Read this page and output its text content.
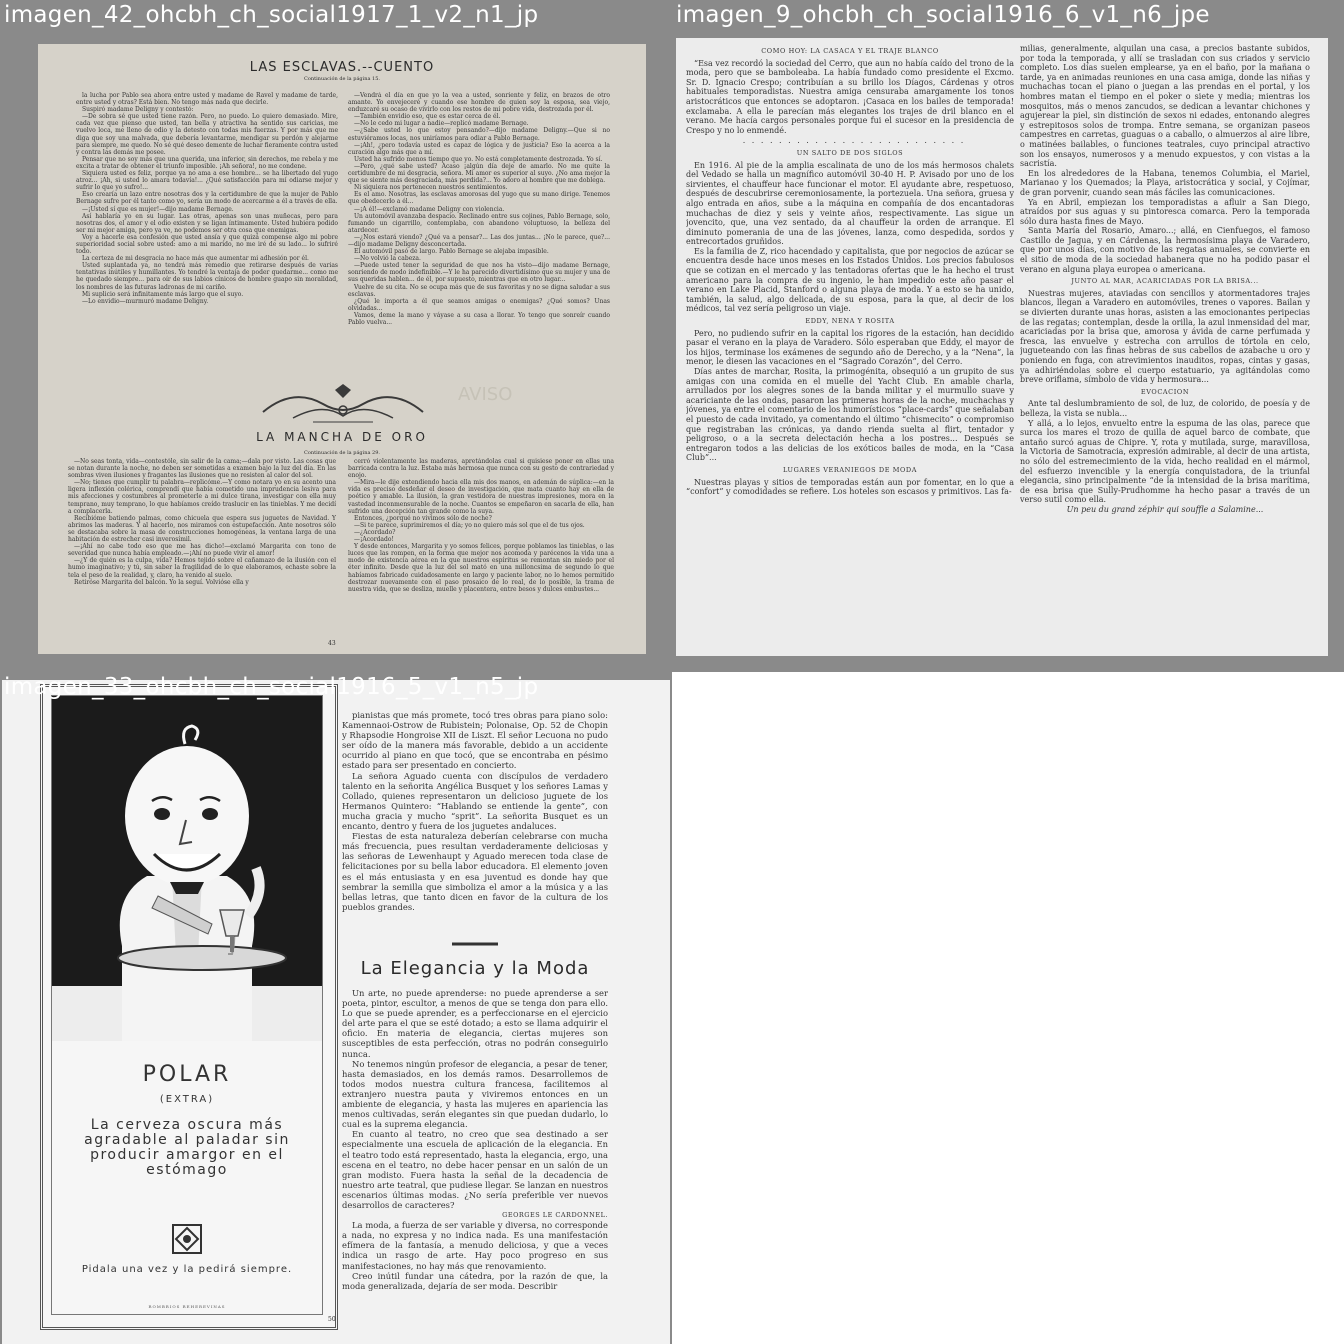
imagen_42_ohcbh_ch_social1917_1_v2_n1_jp
AVISO
LAS ESCLAVAS.--CUENTO
Continuación de la página 15.

la lucha por Pablo sea ahora entre usted y madame de Ravel y madame de tarde, entre usted y otras? Está bien. No tengo más nada que decirle.

Suspiró madame Deligny y contestó:

—De sobra sé que usted tiene razón. Pero, no puedo. Lo quiero demasiado. Mire, cada vez que pienso que usted, tan bella y atractiva ha sentido sus caricias, me vuelvo loca, me lleno de odio y la detesto con todas mis fuerzas. Y por más que me diga que soy una malvada, que debería levantarme, mendigar su perdón y alejarme para siempre, me quedo. No sé qué deseo demente de luchar fieramente contra usted y contra las demás me posee.

Pensar que no soy más que una querida, una inferior, sin derechos, me rebela y me excita a tratar de obtener el triunfo imposible. ¡Ah señora!, no me condene.

Siquiera usted es feliz, porque ya no ama a ese hombre... se ha libertado del yugo atroz... ¡Ah, si usted lo amara todavía!... ¿Qué satisfacción para mí odiarse mejor y sufrir lo que yo sufro!...

Eso crearía un lazo entre nosotras dos y la certidumbre de que la mujer de Pablo Bernage sufre por él tanto como yo, sería un modo de acercarme a él a través de ella.

—¡Usted sí que es mujer!—dijo madame Bernage.

Así hablaría yo en su lugar. Las otras, apenas son unas muñecas, pero para nosotras dos, el amor y el odio existen y se ligan íntimamente. Usted hubiera podido ser mi mejor amiga, pero ya ve, no podemos ser otra cosa que enemigas.

Voy a hacerle esa confesión que usted ansía y que quizá compense algo mi pobre superioridad social sobre usted: amo a mi marido, no me iré de su lado... lo sufriré todo.

La certeza de mi desgracia no hace más que aumentar mi adhesión por él.

Usted suplantada ya, no tendrá más remedio que retirarse después de varias tentativas inútiles y humillantes. Yo tendré la ventaja de poder quedarme... como me he quedado siempre... para oír de sus labios cínicos de hombre guapo sin moralidad, los nombres de las futuras ladronas de mi cariño.

Mi suplicio será infinitamente más largo que el suyo.

—Lo envidio—murmuró madame Deligny.

—Vendrá el día en que yo la vea a usted, sonriente y feliz, en brazos de otro amante. Yo envejeceré y cuando ese hombre de quien soy la esposa, sea viejo, enduzcaré su ocaso de vivirlo con los restos de mi pobre vida, destrozada por él.

—También envidio eso, que es estar cerca de él.

—No le cedo mi lugar a nadie—replicó madame Bernage.

—¿Sabe usted lo que estoy pensando?—dijo madame Deligny.—Que si no estuviéramos locas, nos uniríamos para odiar a Pablo Bernage.

—¡Ah!, ¿pero todavía usted es capaz de lógica y de justicia? Eso la acerca a la curación algo más que a mí.

Usted ha sufrido menos tiempo que yo. No está completamente destrozada. Yo sí.

—Pero, ¿qué sabe usted? Acaso ¡algún día deje de amarlo. No me quite la certidumbre de mi desgracia, señora. Mi amor es superior al suyo. ¿No ama mejor la que se siente más desgraciada, más perdida?... Yo adoro al hombre que me doblega.

Ni siquiera nos pertenecen nuestros sentimientos.

Es el amo. Nosotras, las esclavas amorosas del yugo que su mano dirige. Tenemos que obedecerlo a él...

—¡A él!—exclamó madame Deligny con violencia.

Un automóvil avanzaba despacio. Reclinado entre sus cojines, Pablo Bernage, solo, fumando un cigarrillo, contemplaba, con abandono voluptuoso, la belleza del atardecer.

—¿Nos estará viendo? ¿Qué va a pensar?... Las dos juntas... ¡No le parece, que?... —dijo madame Deligny desconcertada.

El automóvil pasó de largo. Pablo Bernage se alejaba impasible.

—No volvió la cabeza.

—Puede usted tener la seguridad de que nos ha visto—dijo madame Bernage, sonriendo de modo indefinible.—Y le ha parecido divertidísimo que su mujer y una de sus queridas hablen... de él, por supuesto, mientras que en otro lugar...

Vuelve de su cita. No se ocupa más que de sus favoritas y no se digna saludar a sus esclavas.

¿Qué le importa a él que seamos amigas o enemigas? ¿Qué somos? Unas olvidadas...

Vamos, deme la mano y váyase a su casa a llorar. Yo tengo que sonreír cuando Pablo vuelva...

LA MANCHA DE ORO
Continuación de la página 29.

—No seas tonta, vida—contestóle, sin salir de la cama;—dala por visto. Las cosas que se notan durante la noche, no deben ser sometidas a examen bajo la luz del día. En las sombras viven ilusiones y fragantes las ilusiones que no resisten al calor del sol.

—No; tienes que cumplir tu palabra—replicóme.—Y como notara yo en su acento una ligera inflexión colérica, comprendí que había cometido una imprudencia lesiva para mis afecciones y costumbres al prometerle a mi dulce tirana, investigar con ella muy temprano, muy temprano, lo que habíamos creído traslucir en las tinieblas. Y me decidí a complacerla.

Recibióme batiendo palmas, como chicuela que espera sus juguetes de Navidad. Y abrimos las maderas. Y al hacerlo, nos miramos con estupefacción. Ante nosotros sólo se destacaba sobre la masa de construcciones homogéneas, la ventana larga de una habitación de estrecher casi inverosímil.

—¡Ahí no cabe todo eso que me has dicho!—exclamó Margarita con tono de severidad que nunca había empleado.—¡Ahí no puede vivir el amor!

—¿Y de quién es la culpa, vida? Hemos tejido sobre el cañamazo de la ilusión con el humo imaginativo; y tú, sin saber la fragilidad de lo que elaboramos, echaste sobre la tela el peso de la realidad, y, claro, ha venido al suelo.

Retiróse Margarita del balcón. Yo la seguí. Volvióse ella y

cerró violentamente las maderas, apretándolas cual si quisiese poner en ellas una barricada contra la luz. Estaba más hermosa que nunca con su gesto de contrariedad y enojo.

—Mira—le dije extendiendo hacia ella mis dos manos, en ademán de súplica:—en la vida es preciso desdeñar el deseo de investigación, que mata cuanto hay en ella de poético y amable. La ilusión, la gran vestidora de nuestras impresiones, mora en la vastedad inconmensurable de la noche. Cuantos se empeñaron en sacarla de ella, han sufrido una decepción tan grande como la suya.

Entonces, ¿porqué no vivimos sólo de noche?

—Si te parece, suprimiremos el día; yo no quiero más sol que el de tus ojos.

—¿Acordado?

—¡Acordado!

Y desde entonces, Margarita y yo somos felices, porque poblamos las tinieblas, o las luces que las rompen, en la forma que mejor nos acomoda y parécenos la vida una a modo de existencia aérea en la que nuestros espíritus se remontan sin miedo por el éter infinito. Desde que la luz del sol mató en una milloncsima de segundo lo que habíamos fabricado cuidadosamente en largo y paciente labor, no lo hemos permitido destrozar nuevamente con el paso prosaico de lo real, de lo posible, la trama de nuestra vida, que se desliza, muelle y placentera, entre besos y dulces embustes...

43
imagen_9_ohcbh_ch_social1916_6_v1_n6_jpe
COMO HOY: LA CASACA Y EL TRAJE BLANCO

“Esa vez recordó la sociedad del Cerro, que aun no había caído del trono de la moda, pero que se bamboleaba. La había fundado como presidente el Excmo. Sr. D. Ignacio Crespo; contribuían a su brillo los Díagos, Cárdenas y otros habituales temporadistas. Nuestra amiga censuraba amargamente los tonos aristocráticos que entonces se adoptaron. ¡Casaca en los bailes de temporada! exclamaba. A ella le parecían más elegantes los trajes de dril blanco en el verano. Me hacía cargos personales porque fui el sucesor en la presidencia de Crespo y no lo enmendé.

. . . . . . . . . . . . . . . . . . . . . . . . .

UN SALTO DE DOS SIGLOS

En 1916. Al pie de la amplia escalinata de uno de los más hermosos chalets del Vedado se halla un magnífico automóvil 30-40 H. P. Avisado por uno de los sirvientes, el chauffeur hace funcionar el motor. El ayudante abre, respetuoso, después de descubrirse ceremoniosamente, la portezuela. Una señora, gruesa y algo entrada en años, sube a la máquina en compañía de dos encantadoras muchachas de diez y seis y veinte años, respectivamente. Las sigue un jovencito, que, una vez sentado, da al chauffeur la orden de arranque. El diminuto pomerania de una de las jóvenes, lanza, como despedida, sordos y entrecortados gruñidos.

Es la familia de Z, rico hacendado y capitalista, que por negocios de azúcar se encuentra desde hace unos meses en los Estados Unidos. Los precios fabulosos que se cotizan en el mercado y las tentadoras ofertas que le ha hecho el trust americano para la compra de su ingenio, le han impedido este año pasar el verano en Lake Placid, Stanford o alguna playa de moda. Y a esto se ha unido, también, la salud, algo delicada, de su esposa, para la que, al decir de los médicos, tal vez sería peligroso un viaje.

EDDY, NENA Y ROSITA

Pero, no pudiendo sufrir en la capital los rigores de la estación, han decidido pasar el verano en la playa de Varadero. Sólo esperaban que Eddy, el mayor de los hijos, terminase los exámenes de segundo año de Derecho, y a la “Nena”, la menor, le diesen las vacaciones en el “Sagrado Corazón”, del Cerro.

Días antes de marchar, Rosita, la primogénita, obsequió a un grupito de sus amigas con una comida en el muelle del Yacht Club. En amable charla, arrullados por los alegres sones de la banda militar y el murmullo suave y acariciante de las ondas, pasaron las primeras horas de la noche, muchachas y jóvenes, ya entre el comentario de los humorísticos “place-cards” que señalaban el puesto de cada invitado, ya comentando el último “chismecito” o compromiso que registraban las crónicas, ya dando rienda suelta al flirt, tentador y peligroso, o a la secreta delectación hecha a los postres... Después se entregaron todos a las delicias de los exóticos bailes de moda, en la “Casa Club”...

LUGARES VERANIEGOS DE MODA

Nuestras playas y sitios de temporadas están aun por fomentar, en lo que a “confort” y comodidades se refiere. Los hoteles son escasos y primitivos. Las fa-

milias, generalmente, alquilan una casa, a precios bastante subidos, por toda la temporada, y allí se trasladan con sus criados y servicio completo. Los días suelen emplearse, ya en el baño, por la mañana o tarde, ya en animadas reuniones en una casa amiga, donde las niñas y muchachas tocan el piano o juegan a las prendas en el portal, y los hombres matan el tiempo en el poker o siete y media; mientras los mosquitos, más o menos zancudos, se dedican a levantar chichones y agujerear la piel, sin distinción de sexos ni edades, entonando alegres y estrepitosos solos de trompa. Entre semana, se organizan paseos campestres en carretas, guaguas o a caballo, o almuerzos al aire libre, o matinées bailables, o funciones teatrales, cuyo principal atractivo son los ensayos, numerosos y a menudo expuestos, y con vistas a la sacristía.

En los alrededores de la Habana, tenemos Columbia, el Mariel, Marianao y los Quemados; la Playa, aristocrática y social, y Cojímar, de gran porvenir, cuando sean más fáciles las comunicaciones.

Ya en Abril, empiezan los temporadistas a afluir a San Diego, atraídos por sus aguas y su pintoresca comarca. Pero la temporada sólo dura hasta fines de Mayo.

Santa María del Rosario, Amaro...; allá, en Cienfuegos, el famoso Castillo de Jagua, y en Cárdenas, la hermosísima playa de Varadero, que por unos días, con motivo de las regatas anuales, se convierte en el sitio de moda de la sociedad habanera que no ha podido pasar el verano en alguna playa europea o americana.

JUNTO AL MAR, ACARICIADAS POR LA BRISA...

Nuestras mujeres, ataviadas con sencillos y atormentadores trajes blancos, llegan a Varadero en automóviles, trenes o vapores. Bailan y se divierten durante unas horas, asisten a las emocionantes peripecias de las regatas; contemplan, desde la orilla, la azul inmensidad del mar, acariciadas por la brisa que, amorosa y ávida de carne perfumada y fresca, las envuelve y estrecha con arrullos de tórtola en celo, jugueteando con las finas hebras de sus cabellos de azabache u oro y poniendo en fuga, con atrevimientos inauditos, ropas, cintas y gasas, ya adhiriéndolas sobre el cuerpo estatuario, ya agitándolas como breve oriflama, símbolo de vida y hermosura...

EVOCACION

Ante tal deslumbramiento de sol, de luz, de colorido, de poesía y de belleza, la vista se nubla...

Y allá, a lo lejos, envuelto entre la espuma de las olas, parece que surca los mares el trozo de quilla de aquel barco de combate, que antaño surcó aguas de Chipre. Y, rota y mutilada, surge, maravillosa, la Victoria de Samotracia, expresión admirable, al decir de una artista, no sólo del estremecimiento de la vida, hecho realidad en el mármol, del esfuerzo invencible y la energía conquistadora, de la triunfal elegancia, sino principalmente “de la intensidad de la brisa marítima, de esa brisa que Sully-Prudhomme ha hecho pasar a través de un verso sutil como ella.

Un peu du grand zéphir qui souffle a Salamine...

POLAR
(EXTRA)
La cerveza oscura más agradable al paladar sin producir amargor en el estómago
Pidala una vez y la pedirá siempre.
ROMBRIOS REHEREVINAS

pianistas que más promete, tocó tres obras para piano solo: Kamennaoi-Ostrow de Rubistein; Polonaise, Op. 52 de Chopin y Rhapsodie Hongroise XII de Liszt. El señor Lecuona no pudo ser oído de la manera más favorable, debido a un accidente ocurrido al piano en que tocó, que se encontraba en pésimo estado para ser presentado en concierto.

La señora Aguado cuenta con discípulos de verdadero talento en la señorita Angélica Busquet y los señores Lamas y Collado, quienes representaron un delicioso juguete de los Hermanos Quintero: “Hablando se entiende la gente”, con mucha gracia y mucho “sprit”. La señorita Busquet es un encanto, dentro y fuera de los juguetes andaluces.

Fiestas de esta naturaleza deberían celebrarse con mucha más frecuencia, pues resultan verdaderamente deliciosas y las señoras de Lewenhaupt y Aguado merecen toda clase de felicitaciones por su bella labor educadora. El elemento joven es el más entusiasta y en esa juventud es donde hay que sembrar la semilla que simboliza el amor a la música y a las bellas letras, que tanto dicen en favor de la cultura de los pueblos grandes.

La Elegancia y la Moda

Un arte, no puede aprenderse: no puede aprenderse a ser poeta, pintor, escultor, a menos de que se tenga don para ello. Lo que se puede aprender, es a perfeccionarse en el ejercicio del arte para el que se esté dotado; a esto se llama adquirir el oficio. En materia de elegancia, ciertas mujeres son susceptibles de esta perfección, otras no podrán conseguirlo nunca.

No tenemos ningún profesor de elegancia, a pesar de tener, hasta demasiados, en los demás ramos. Desarrollemos de todos modos nuestra cultura francesa, facilitemos al extranjero nuestra pauta y viviremos entonces en un ambiente de elegancia, y hasta las mujeres en apariencia las menos cultivadas, serán elegantes sin que puedan dudarlo, lo cual es la suprema elegancia.

En cuanto al teatro, no creo que sea destinado a ser especialmente una escuela de aplicación de la elegancia. En el teatro todo está representado, hasta la elegancia, ergo, una escena en el teatro, no debe hacer pensar en un salón de un gran modisto. Fuera hasta la señal de la decadencia de nuestro arte teatral, que pudiese llegar. Se lanzan en nuestros escenarios últimas modas. ¿No sería preferible ver nuevos desarrollos de caracteres?

GEORGES LE CARDONNEL.

La moda, a fuerza de ser variable y diversa, no corresponde a nada, no expresa y no indica nada. Es una manifestación efímera de la fantasía, a menudo deliciosa, y que a veces indica un rasgo de arte. Hay poco progreso en sus manifestaciones, no hay más que renovamiento.

Creo inútil fundar una cátedra, por la razón de que, la moda generalizada, dejaría de ser moda. Describir

50
imagen_33_ohcbh_ch_social1916_5_v1_n5_jp
